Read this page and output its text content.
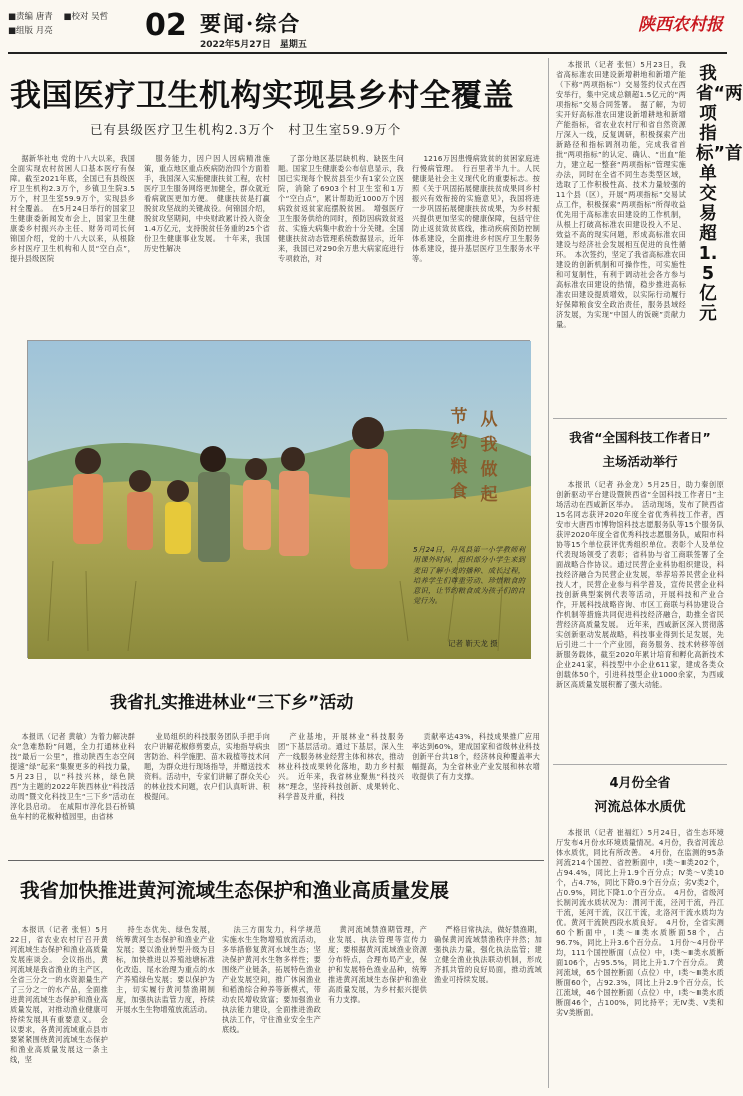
■责编 唐青 ■校对 吴哲
■组版 月亮	02 要闻·综合
2022年5月27日　星期五
陕西农村报
我国医疗卫生机构实现县乡村全覆盖
已有县级医疗卫生机构2.3万个　村卫生室59.9万个

据新华社电 党的十八大以来，我国全面实现农村贫困人口基本医疗有保障。截至2021年底，全国已有县级医疗卫生机构2.3万个，乡镇卫生院3.5万个，村卫生室59.9万个，实现县乡村全覆盖。　在5月24日举行的国家卫生健康委新闻发布会上，国家卫生健康委乡村振兴办主任、财务司司长何锦国介绍，党的十八大以来，从根除乡村医疗卫生机构和人员“空白点”，提升县级医院

服务能力，因户因人因病精准施策，重点地区重点疾病防治四个方面着手，我国深入实施健康扶贫工程，农村医疗卫生服务网络更加健全，群众就近看病就医更加方便。　健康扶贫是打赢脱贫攻坚战的关键战役。何锦国介绍，脱贫攻坚期间，中央财政累计投入资金1.4万亿元，支持脱贫任务重的25个省份卫生健康事业发展。　十年来，我国历史性解决

了部分地区基层缺机构、缺医生问题。国家卫生健康委公布信息显示，我国已实现每个脱贫县至少有1家公立医院，消除了6903个村卫生室和1万个“空白点”，累计帮助近1000万个因病致贫返贫家庭摆脱贫困。　增强医疗卫生服务供给的同时，预防因病致贫返贫、实施大病集中救治十分关键。全国健康扶贫动态管理系统数据显示，近年来，我国已对290余万患大病家庭进行专项救治，对

1216万因患慢病致贫的贫困家庭进行慢病管理。　行百里者半九十。人民健康是社会主义现代化的重要标志。按照《关于巩固拓展健康扶贫成果同乡村振兴有效衔接的实施意见》，我国将进一步巩固拓展健康扶贫成果，为乡村振兴提供更加坚实的健康保障，包括守住防止返贫致贫底线，推动疾病预防控制体系建设，全面推进乡村医疗卫生服务体系建设，提升基层医疗卫生服务水平等。

从我做起
节约粮食
5月24日，丹凤县第一小学教师利用课外时间，组织部分小学生来到麦田了解小麦的播种、成长过程，培养学生们尊重劳动、珍惜粮食的意识，让节约粮食成为孩子们的自觉行为。
记者 靳天龙 摄
我省扎实推进林业“三下乡”活动

本报讯（记者 黄敏）为着力解决群众“急难愁盼”问题，全力打通林业科技“最后一公里”，推动陕西生态空间提速“绿”起来“集聚更多的科技力量，5月23日，以“科技兴林，绿色陕西”为主题的2022年陕西林业“科技活动周”暨文化科技卫生“三下乡”活动在淳化县启动。　在咸阳市淳化县石桥镇鱼车村的花椒种植园里，由省林

业局组织的科技服务团队手把手向农户讲解花椒修剪要点，实地指导病虫害防治、科学施肥、苗木栽植等技术问题，为群众进行现场指导，并赠送技术资料。活动中，专家们讲解了群众关心的林业技术问题，农户们认真听讲、积极提问。

产业基地，开展林业“科技服务团”下基层活动。通过下基层，深入生产一线服务林业经营主体和林农，推动林业科技成果转化落地，助力乡村振兴。　近年来，我省林业聚焦“科技兴林”理念，坚持科技创新、成果转化、科学普及并重，科技

贡献率达43%，科技成果推广应用率达到60%，建成国家和省级林业科技创新平台共18个，经济林良种覆盖率大幅提高，为全省林业产业发展和林农增收提供了有力支撑。

我省加快推进黄河流域生态保护和渔业高质量发展

本报讯（记者 张恒）5月22日，省农业农村厅召开黄河流域生态保护和渔业高质量发展座谈会。　会议指出，黄河流域是我省渔业的主产区，全省三分之一的水资源量生产了三分之一的水产品，全面推进黄河流域生态保护和渔业高质量发展，对推动渔业健康可持续发展具有重要意义。　会议要求，各黄河流域重点县市要紧紧围绕黄河流域生态保护和渔业高质量发展这一条主线，坚

持生态优先、绿色发展，统筹黄河生态保护和渔业产业发展；要以渔业转型升级为目标，加快推进以养殖池塘标准化改造、尾水治理为重点的水产养殖绿色发展；要以保护为主，切实履行黄河禁渔期制度，加强执法监管力度，持续开展水生生物增殖放流活动。

法三方面发力，科学规范实施水生生物增殖放流活动，多举措修复黄河水域生态；坚决保护黄河水生物多样性；要围绕产业链条，拓展特色渔业产业发展空间，推广休闲渔业和稻渔综合种养等新模式，带动农民增收致富；要加强渔业执法能力建设，全面推进渔政执法工作，守住渔业安全生产底线。

黄河流域禁渔期管理，产业发展、执法管理等宣传力度；要根据黄河流域渔业资源分布特点，合理布局产业，保护和发展特色渔业品种，统筹推进黄河流域生态保护和渔业高质量发展，为乡村振兴提供有力支撑。

严格目常执法，做好禁渔期，确保黄河流域禁渔秩序井然；加强执法力量，强化执法监管；建立健全渔业执法联动机制，形成齐抓共管的良好局面，推动流域渔业可持续发展。

本报讯（记者 张恒）5月23日，我省高标准农田建设新增耕地和新增产能（下称“两项指标”）交易签约仪式在西安举行，集中完成总额超1.5亿元的“两项指标”交易合同签署。　据了解，为切实开好高标准农田建设新增耕地和新增产能指标，省农业农村厅和省自然资源厅深入一线，反复调研，积极探索产出新路径和指标调剂功能，完成我省首批“两项指标”的认定、确认、“出血”能力，建立起一整套“两项指标”管理实施办法，同时在全省不同生态类型区域，选取了工作积极性高、技术力量较强的11个县（区），开展“两项指标”交易试点工作，积极探索“两项指标”所得收益优先用于高标准农田建设的工作机制，从根上打破高标准农田建设投入不足、效益不高的现实问题，形成高标准农田建设与经济社会发展相互促进的良性循环。　本次签约，坚定了我省高标准农田建设的创新机制和可操作性，可实施性和可复制性，有利于调动社会各方参与高标准农田建设的热情，稳步推进高标准农田建设提质增效，以实际行动履行好保障粮食安全政治责任，服务县域经济发展，为实现“中国人的饭碗”贡献力量。

我省“两项指标”首单交易超1.5亿元
我省“全国科技工作者日”
主场活动举行

本报讯（记者 孙金龙）5月25日，助力秦创原创新驱动平台建设暨陕西省“全国科技工作者日”主场活动在西咸新区举办。　活动现场，发布了陕西省15名同志获评2020年度全省优秀科技工作者，西安市大唐西市博物馆科技志愿服务队等15个服务队获评2020年度全省优秀科技志愿服务队，咸阳市科协等15个单位获评优秀组织单位。表彰个人及单位代表现场领受了表彰；省科协与省工商联签署了全面战略合作协议。通过民营企业科协组织建设，科技经济融合为民营企业发展，举荐培养民营企业科技人才，民营企业参与科学普及，宣传民营企业科技创新典型案例代表等活动，开展科技和产业合作，开展科技战略咨询、市区工商联与科协建设合作机制等措施共同促进科技经济融合，助推全省民营经济高质量发展。　近年来，西咸新区深入贯彻落实创新驱动发展战略，科技事业得到长足发展，先后引进二十一个产业园，商务服务、技术转移等创新服务载体，截至2020年累计培育和孵化高新技术企业241家，科技型中小企业611家，建成各类众创载体50个，引进科技型企业1000余家，为西咸新区高质量发展积蓄了强大动能。

4月份全省
河流总体水质优

本报讯（记者 崔福红）5月24日，省生态环境厅发布4月份水环境质量情况。4月份，我省河流总体水质优，同比有所改善。　4月份，在监测的95条河流214个国控、省控断面中，Ⅰ类～Ⅲ类202个，占94.4%，同比上升1.9个百分点；Ⅳ类～Ⅴ类10个，占4.7%，同比下降0.9个百分点；劣Ⅴ类2个，占0.9%，同比下降1.0个百分点。　4月份，省级河长制河流水质状况为：渭河干流，泾河干流，丹江干流，延河干流，汉江干流，北洛河干流水质均为优。黄河干流陕西段水质良好。　4月份，全省实测60个断面中，Ⅰ类～Ⅲ类水质断面58个，占96.7%，同比上升3.6个百分点。　1月份～4月份平均，111个国控断面（点位）中，Ⅰ类～Ⅲ类水质断面106个，占95.5%，同比上升1.7个百分点。　黄河流域，65个国控断面（点位）中，Ⅰ类～Ⅲ类水质断面60个，占92.3%，同比上升2.9个百分点，长江流域，46个国控断面（点位）中，Ⅰ类～Ⅲ类水质断面46个，占100%，同比持平；无Ⅳ类、Ⅴ类和劣Ⅴ类断面。
